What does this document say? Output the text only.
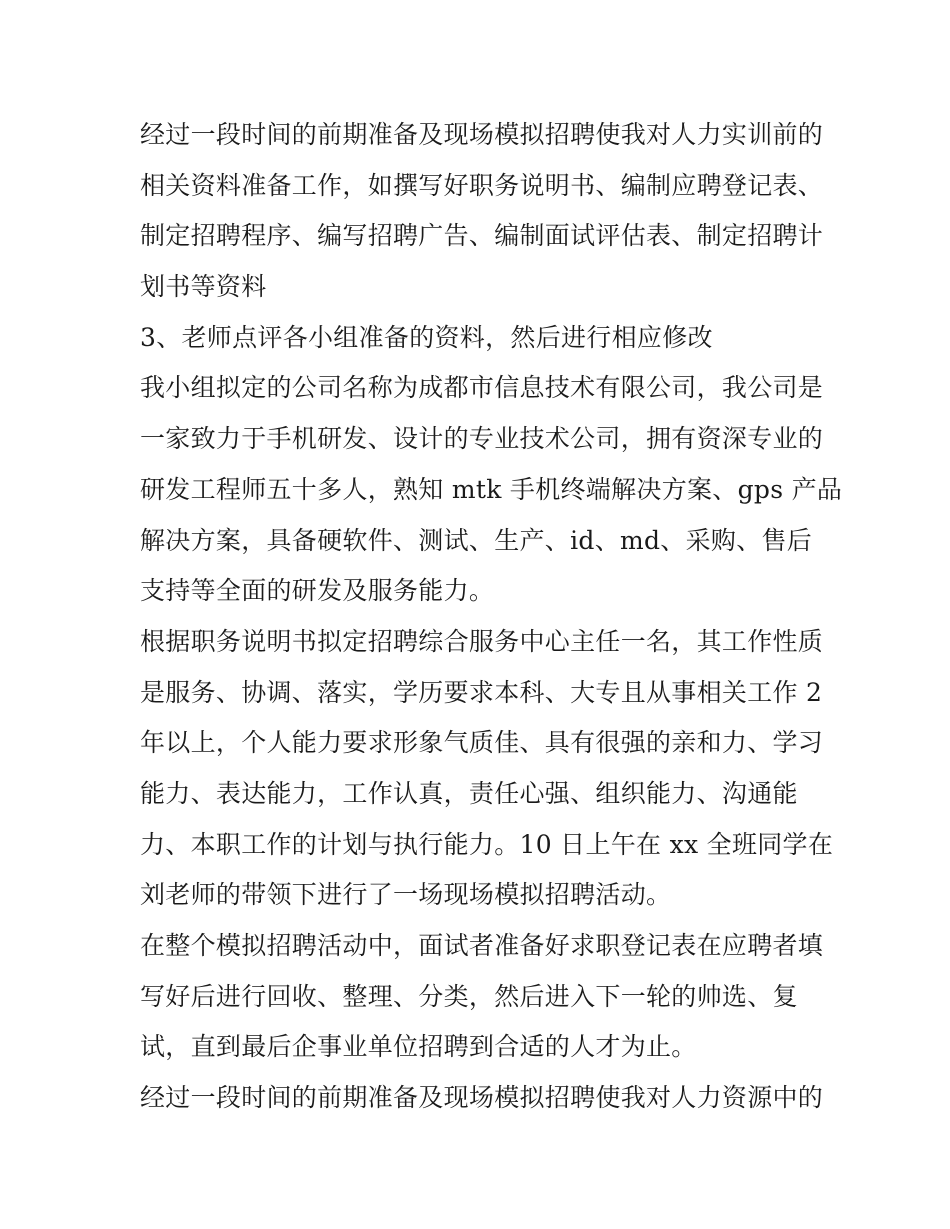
经过一段时间的前期准备及现场模拟招聘使我对人力实训前的
相关资料准备工作，如撰写好职务说明书、编制应聘登记表、
制定招聘程序、编写招聘广告、编制面试评估表、制定招聘计
划书等资料
3、老师点评各小组准备的资料，然后进行相应修改
我小组拟定的公司名称为成都市信息技术有限公司，我公司是
一家致力于手机研发、设计的专业技术公司，拥有资深专业的
研发工程师五十多人，熟知 mtk 手机终端解决方案、gps 产品
解决方案，具备硬软件、测试、生产、id、md、采购、售后
支持等全面的研发及服务能力。
根据职务说明书拟定招聘综合服务中心主任一名，其工作性质
是服务、协调、落实，学历要求本科、大专且从事相关工作 2
年以上，个人能力要求形象气质佳、具有很强的亲和力、学习
能力、表达能力，工作认真，责任心强、组织能力、沟通能
力、本职工作的计划与执行能力。10 日上午在 xx 全班同学在
刘老师的带领下进行了一场现场模拟招聘活动。
在整个模拟招聘活动中，面试者准备好求职登记表在应聘者填
写好后进行回收、整理、分类，然后进入下一轮的帅选、复
试，直到最后企事业单位招聘到合适的人才为止。
经过一段时间的前期准备及现场模拟招聘使我对人力资源中的
